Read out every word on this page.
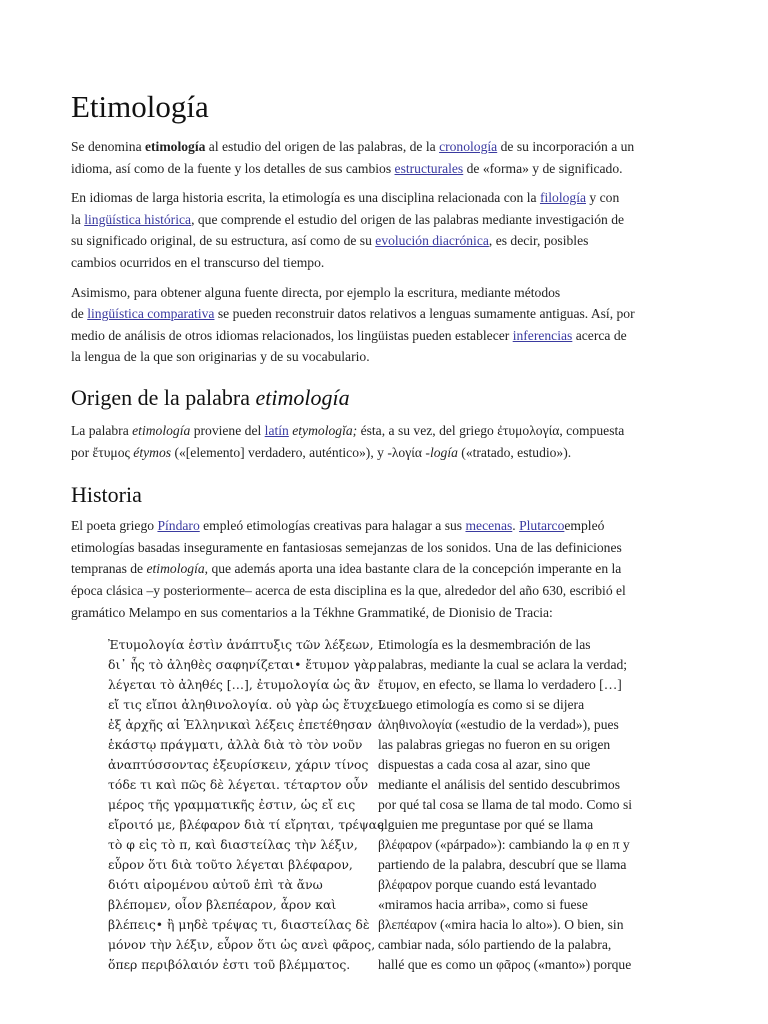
Etimología

Se denomina etimología al estudio del origen de las palabras, de la cronología de su incorporación a un
idioma, así como de la fuente y los detalles de sus cambios estructurales de «forma» y de significado.

En idiomas de larga historia escrita, la etimología es una disciplina relacionada con la filología y con
la lingüística histórica, que comprende el estudio del origen de las palabras mediante investigación de
su significado original, de su estructura, así como de su evolución diacrónica, es decir, posibles
cambios ocurridos en el transcurso del tiempo.

Asimismo, para obtener alguna fuente directa, por ejemplo la escritura, mediante métodos
de lingüística comparativa se pueden reconstruir datos relativos a lenguas sumamente antiguas. Así, por
medio de análisis de otros idiomas relacionados, los lingüistas pueden establecer inferencias acerca de
la lengua de la que son originarias y de su vocabulario.

Origen de la palabra etimología

La palabra etimología proviene del latín etymologĭa; ésta, a su vez, del griego ἐτυμολογία, compuesta
por ἔτυμος étymos («[elemento] verdadero, auténtico»), y -λογία -logía («tratado, estudio»).

Historia

El poeta griego Píndaro empleó etimologías creativas para halagar a sus mecenas. Plutarcoempleó
etimologías basadas inseguramente en fantasiosas semejanzas de los sonidos. Una de las definiciones
tempranas de etimología, que además aporta una idea bastante clara de la concepción imperante en la
época clásica –y posteriormente– acerca de esta disciplina es la que, alrededor del año 630, escribió el
gramático Melampo en sus comentarios a la Tékhne Grammatiké, de Dionisio de Tracia:

Ἐτυμολογία ἐστὶν ἀνάπτυξις τῶν λέξεων,
δι᾽ ἧς τὸ ἀληθὲς σαφηνίζεται• ἔτυμον γὰρ
λέγεται τὸ ἀληθές […], ἐτυμολογία ὡς ἂν
εἴ τις εἴποι ἀληθινολογία. οὐ γὰρ ὡς ἔτυχεν
ἐξ ἀρχῆς αἱ Ἑλληνικαὶ λέξεις ἐπετέθησαν
ἑκάστῳ πράγματι, ἀλλὰ διὰ τὸ τὸν νοῦν
ἀναπτύσσοντας ἐξευρίσκειν, χάριν τίνος
τόδε τι καὶ πῶς δὲ λέγεται. τέταρτον οὖν
μέρος τῆς γραμματικῆς ἐστιν, ὡς εἴ εις
εἴροιτό με, βλέφαρον διὰ τί εἴρηται, τρέψας
τὸ φ εἰς τὸ π, καὶ διαστείλας τὴν λέξιν,
εὗρον ὅτι διὰ τοῦτο λέγεται βλέφαρον,
διότι αἰρομένου αὐτοῦ ἐπὶ τὰ ἄνω
βλέπομεν, οἷον βλεπέαρον, ἆρον καὶ
βλέπεις• ἢ μηδὲ τρέψας τι, διαστείλας δὲ
μόνον τὴν λέξιν, εὗρον ὅτι ὡς ανεὶ φᾶρος,
ὅπερ περιβόλαιόν ἐστι τοῦ βλέμματος.
Etimología es la desmembración de las
palabras, mediante la cual se aclara la verdad;
ἔτυμον, en efecto, se llama lo verdadero […]
Luego etimología es como si se dijera
ἀληθινολογία («estudio de la verdad»), pues
las palabras griegas no fueron en su origen
dispuestas a cada cosa al azar, sino que
mediante el análisis del sentido descubrimos
por qué tal cosa se llama de tal modo. Como si
alguien me preguntase por qué se llama
βλέφαρον («párpado»): cambiando la φ en π y
partiendo de la palabra, descubrí que se llama
βλέφαρον porque cuando está levantado
«miramos hacia arriba», como si fuese
βλεπέαρον («mira hacia lo alto»). O bien, sin
cambiar nada, sólo partiendo de la palabra,
hallé que es como un φᾶρος («manto») porque
